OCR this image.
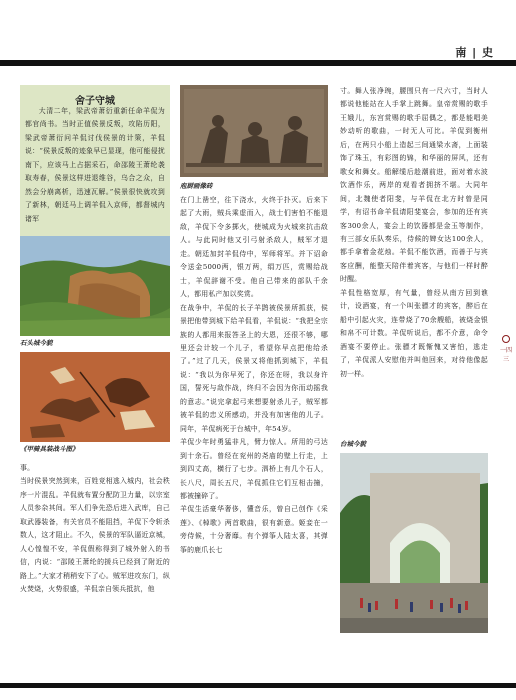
南 | 史
一四三
舍子守城
大清二年，梁武帝萧衍重新任命羊侃为都官尚书。当时正值侯景反叛，攻陷历阳，梁武帝萧衍问羊侃讨伐侯景的计策，羊侃说：“侯景反叛的迹象早已显现，他可能侵扰南下，应该马上占据采石，命邵陵王萧纶袭取寿春，侯景这样进退维谷，乌合之众，自然会分崩离析，迅速瓦解。”侯景很快就攻到了新林，朝廷马上调羊侃入京师，都督城内诸军
石头城今貌
《甲骑具装战斗图》
事。
当时侯景突然到来，百姓竞相逃入城内，社会秩序一片混乱。羊侃就布置分配防卫力量，以宗室人员参杂其间。军人们争先恐后进入武库，自己取武器装备，有关官员不能阻挡，羊侃下令斩杀数人，这才阻止。不久，侯景的军队逼近京城，人心惶惶不安，羊侃假称得到了城外射入的书信，内说：“邵陵王萧纶的援兵已经到了附近的路上。”大家才稍稍安下了心。贼军进攻东门，纵火焚烧，火势很盛，羊侃亲自领兵抵抗，他
庖厨画像砖
在门上凿空，往下浇水，火终于扑灭。后来下起了大雨，贼兵乘虚而入，战士们害怕不能退敌，羊侃下令多掷火，使城成为火城来抗击敌人。与此同时他又引弓射杀敌人，贼军才退走。朝廷加封羊侃侍中，军师将军。并下诏命令送金5000两，银万两，绢万匹，赏赐给战士，羊侃辞谢不受。他自己带来的部队千余人，都用私产加以奖赏。
在战争中，羊侃的长子羊鹍被侯景所抓获，侯景把他带到城下给羊侃看，羊侃说：“我把全宗族的人都用来报答圣上的大恩，还很不够，哪里还会计较一个儿子，希望你早点把他给杀了。”过了几天，侯景又将他抓到城下，羊侃说：“我以为你早死了，你还在呀，我以身许国，誓死与敌作战，终归不会因为你而动摇我的意志。”说完拿起弓来想要射杀儿子，贼军都被羊侃的忠义所感动，并没有加害他的儿子。同年，羊侃病死于台城中，年54岁。
羊侃少年时勇猛非凡，臂力惊人。所用的弓达到十余石。曾经在兖州的尧庙的壁上行走，上到四丈高，横行了七步。泗桥上有几个石人，长八尺，周长五尺，羊侃抓住它们互相击撞，都被撞碎了。
羊侃生活豪华奢侈，懂音乐，曾自己创作《采莲》、《棹歌》两首歌曲，很有新意。姬妾在一旁侍候，十分奢靡。有个弹筝人陆太喜，其弹筝的鹿爪长七
寸。舞人张净琬，腰围只有一尺六寸，当时人都说他能站在人手掌上跳舞。皇帝赏赐的歌手王娥儿，东宫赏赐的歌手屈偶之，都是能唱美妙动听的歌曲，一时无人可比。羊侃到衡州后，在两只小船上造起三间通梁水斋，上面装饰了珠玉，有彩图的锦，和华丽的屏风，还有歌女和舞女。船解缆后趁潮前进，面对着水波饮酒作乐，两岸的观看者拥挤不堪。大同年间，北魏使者阳斐，与羊侃在北方时曾是同学，有诏书命羊侃请阳斐宴会，参加的还有宾客300余人，宴会上的饮器都是金玉等制作，有三部女乐队奏乐，侍候的婢女达100余人，都手拿着金花烛。羊侃不能饮酒，而善于与宾客应酬，能整天陪伴着宾客，与他们一样时醉时醒。
羊侃性格宽厚，有气量，曾经从南方回到谯计，设酒宴，有一个叫张骠才的宾客，醉后在船中引起火灾，连带烧了70余艘船，被烧金银和帛不可计数。羊侃听说后，都不介意，命令酒宴不要停止。张骠才既惭愧又害怕，逃走了，羊侃派人安慰他并叫他回来，对待他像起初一样。
台城今貌
